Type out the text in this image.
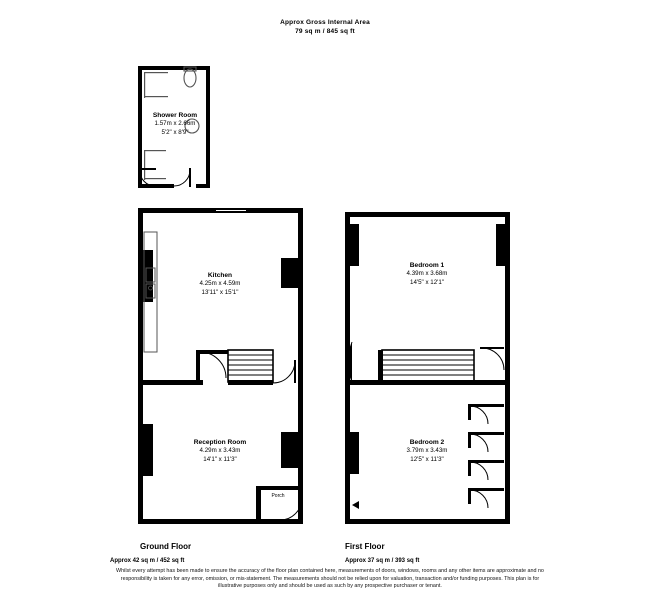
Approx Gross Internal Area
79 sq m / 845 sq ft
Shower Room
1.57m x 2.66m
5'2" x 8'9"
Kitchen
4.25m x 4.59m
13'11" x 15'1"
Reception Room
4.29m x 3.43m
14'1" x 11'3"
Porch
Bedroom 1
4.39m x 3.68m
14'5" x 12'1"
Bedroom 2
3.79m x 3.43m
12'5" x 11'3"
Ground Floor
Approx 42 sq m / 452 sq ft
First Floor
Approx 37 sq m / 393 sq ft
Whilst every attempt has been made to ensure the accuracy of the floor plan contained here, measurements of doors, windows, rooms and any other items are approximate and no responsibility is taken for any error, omission, or mis-statement. The measurements should not be relied upon for valuation, transaction and/or funding purposes. This plan is for illustrative purposes only and should be used as such by any prospective purchaser or tenant.
